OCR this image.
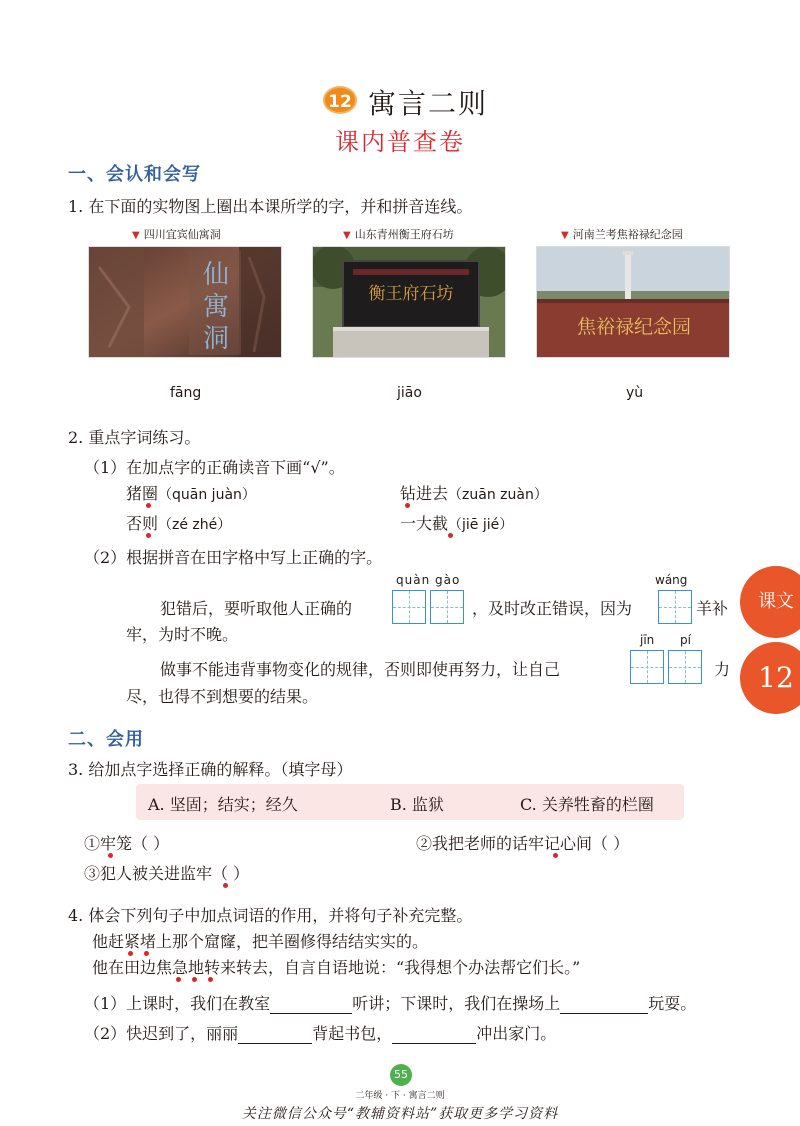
12 寓言二则
课内普查卷
一、会认和会写
1. 在下面的实物图上圈出本课所学的字，并和拼音连线。
▼ 四川宜宾仙寓洞	▼ 山东青州衡王府石坊	▼ 河南兰考焦裕禄纪念园
仙
寓
洞
衡王府石坊
焦裕禄纪念园
fāng	jiāo	yù
2. 重点字词练习。
（1）在加点字的正确读音下画“√”。
猪圈（quān juàn）	钻进去（zuān zuàn）
否则（zé zhé）	一大截（jiē jié）
（2）根据拼音在田字格中写上正确的字。
quàn gào	wáng
犯错后，要听取他人正确的	，及时改正错误，因为	羊补
牢，为时不晚。	jīn pí
做事不能违背事物变化的规律，否则即使再努力，让自己	力
尽，也得不到想要的结果。
课文
12
二、会用
3. 给加点字选择正确的解释。（填字母）
A. 坚固；结实；经久	B. 监狱	C. 关养牲畜的栏圈
①牢笼（ ）	②我把老师的话牢记心间（ ）
③犯人被关进监牢（ ）
4. 体会下列句子中加点词语的作用，并将句子补充完整。
他赶紧堵上那个窟窿，把羊圈修得结结实实的。
他在田边焦急地转来转去，自言自语地说：“我得想个办法帮它们长。”
（1）上课时，我们在教室	听讲；下课时，我们在操场上	玩耍。
（2）快迟到了，丽丽	背起书包，	冲出家门。
55
二年级 · 下 · 寓言二则
关注微信公众号“教辅资料站”获取更多学习资料
